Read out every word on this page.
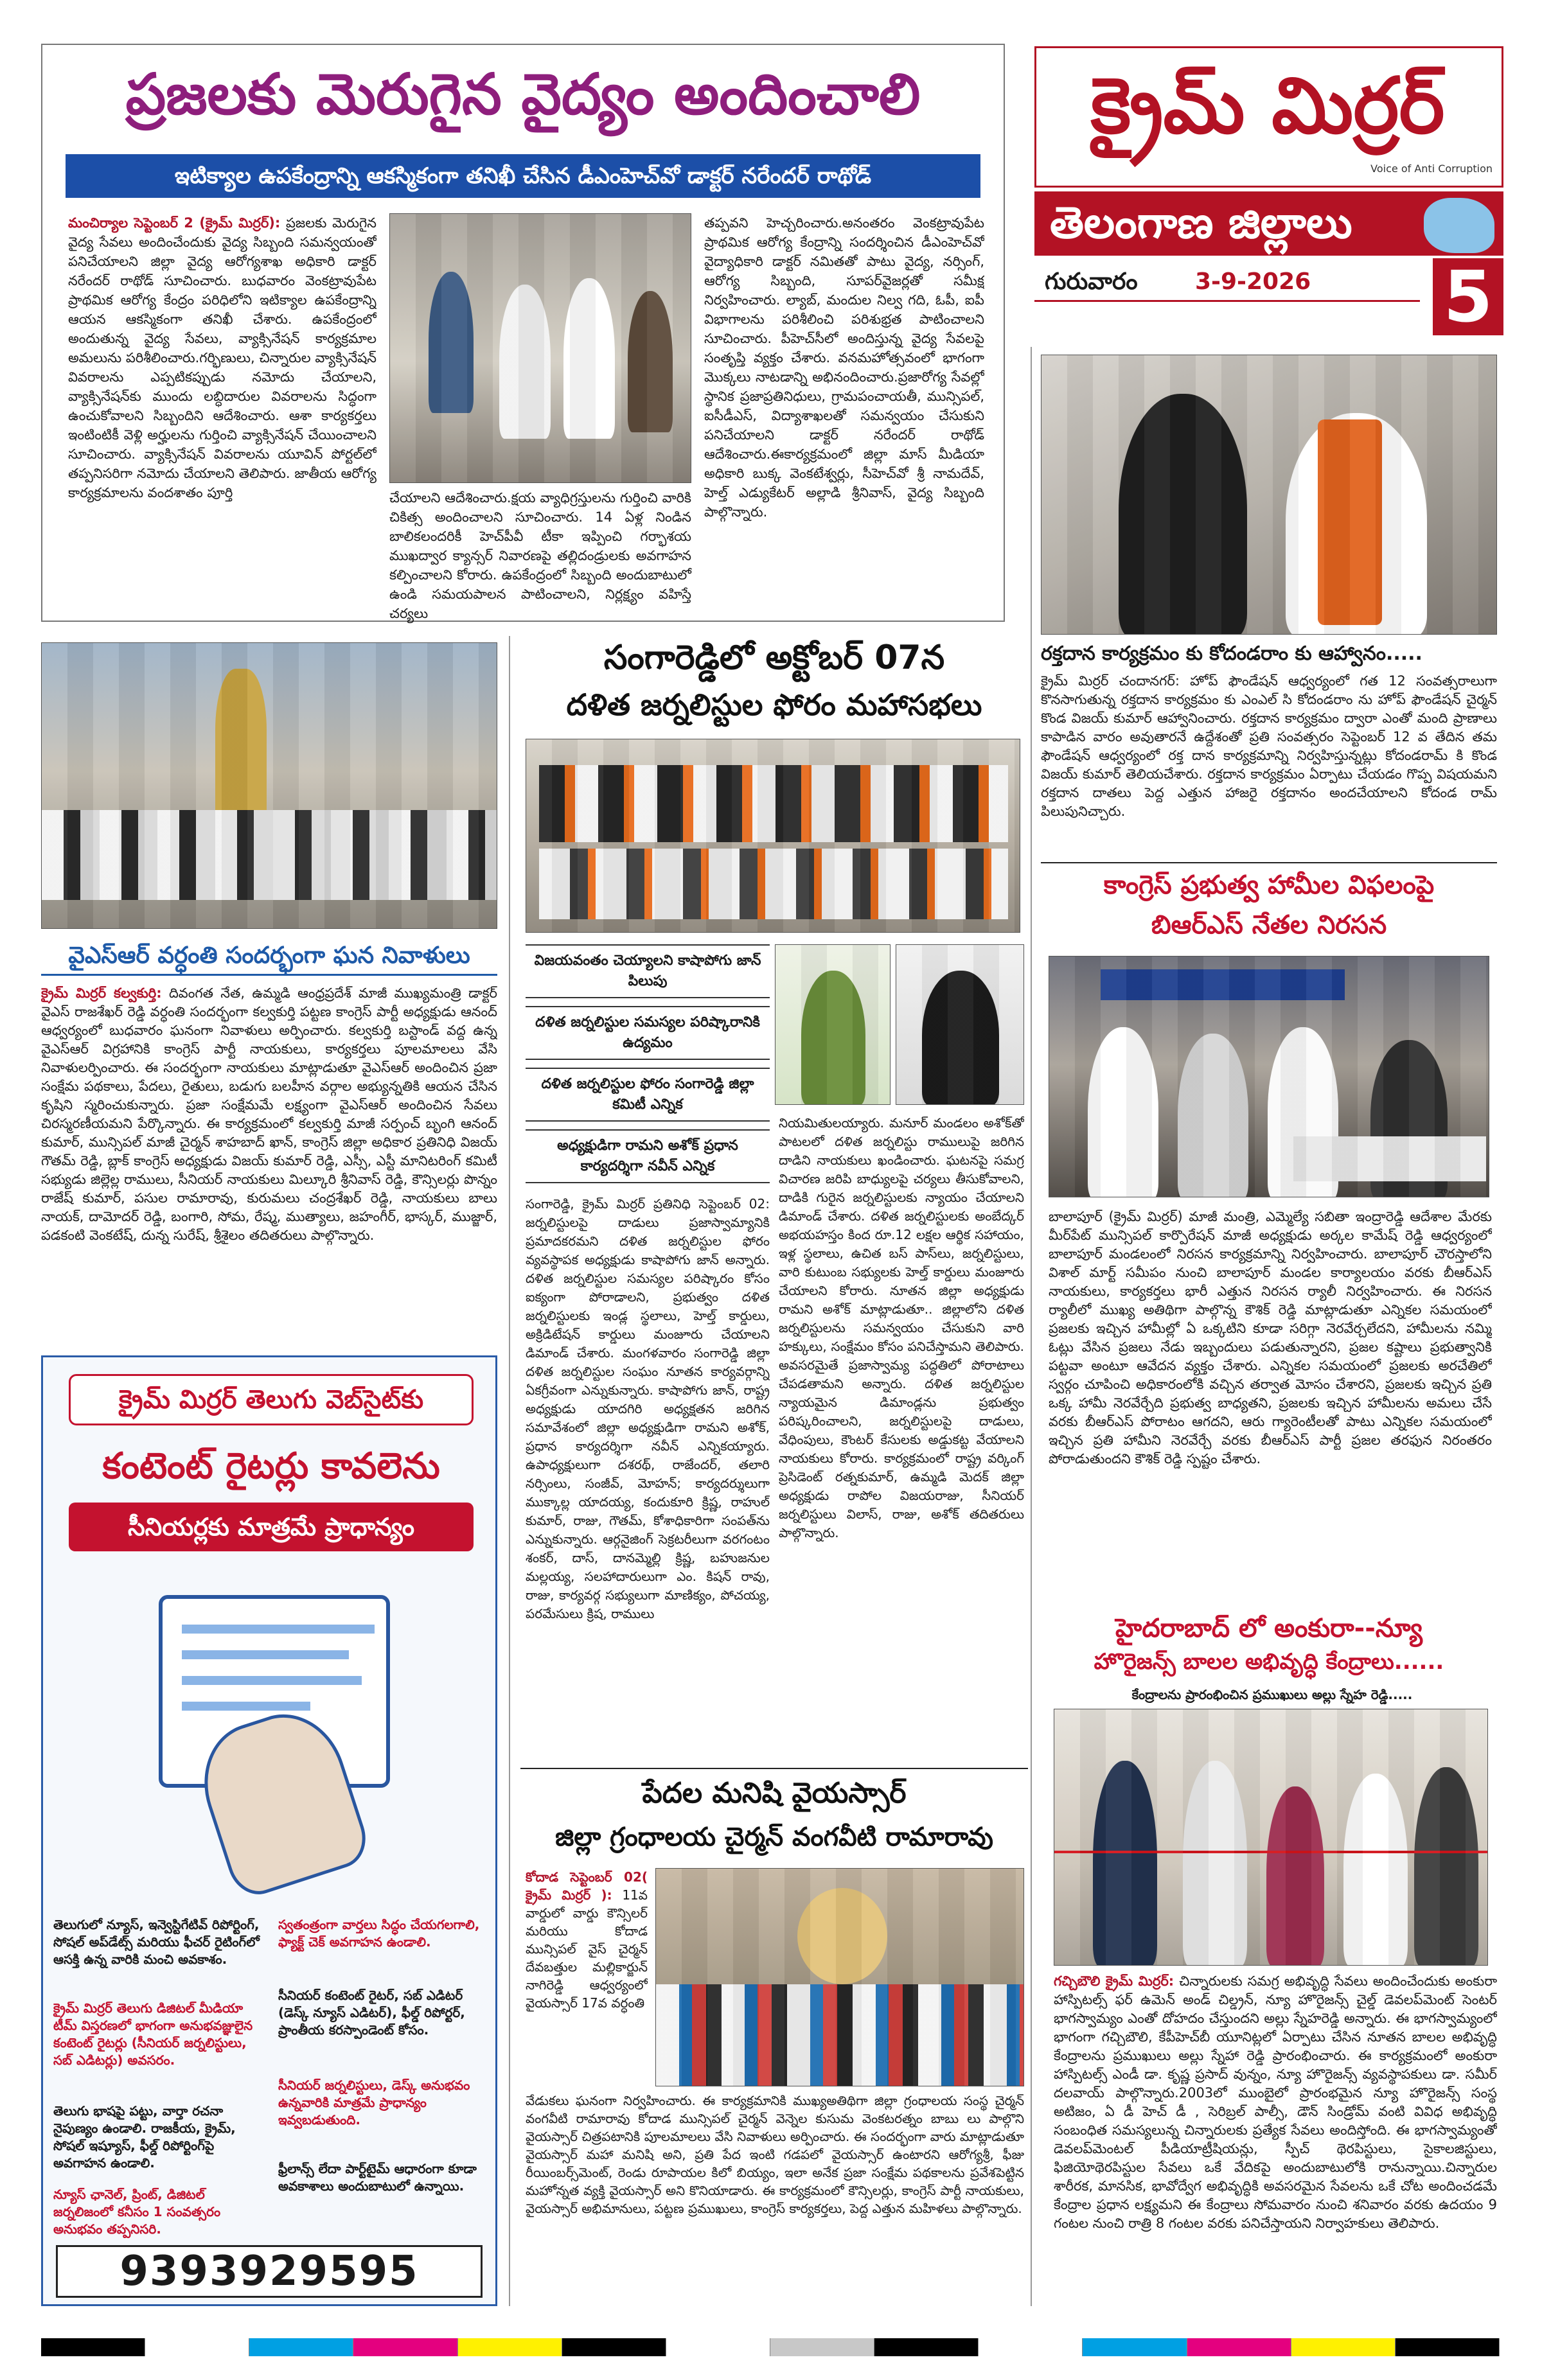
ప్రజలకు మెరుగైన వైద్యం అందించాలి
ఇటిక్యాల ఉపకేంద్రాన్ని ఆకస్మికంగా తనిఖీ చేసిన డీఎంహెచ్‌వో డాక్టర్ నరేందర్ రాథోడ్
మంచిర్యాల సెప్టెంబర్ 2 (క్రైమ్ మిర్రర్): ప్రజలకు మెరుగైన వైద్య సేవలు అందించేందుకు వైద్య సిబ్బంది సమన్వయంతో పనిచేయాలని జిల్లా వైద్య ఆరోగ్యశాఖ అధికారి డాక్టర్ నరేందర్ రాథోడ్ సూచించారు. బుధవారం వెంకట్రావుపేట ప్రాథమిక ఆరోగ్య కేంద్రం పరిధిలోని ఇటిక్యాల ఉపకేంద్రాన్ని ఆయన ఆకస్మికంగా తనిఖీ చేశారు. ఉపకేంద్రంలో అందుతున్న వైద్య సేవలు, వ్యాక్సినేషన్ కార్యక్రమాల అమలును పరిశీలించారు.గర్భిణులు, చిన్నారుల వ్యాక్సినేషన్ వివరాలను ఎప్పటికప్పుడు నమోదు చేయాలని, వ్యాక్సినేషన్‌కు ముందు లబ్ధిదారుల వివరాలను సిద్ధంగా ఉంచుకోవాలని సిబ్బందిని ఆదేశించారు. ఆశా కార్యకర్తలు ఇంటింటికీ వెళ్లి అర్హులను గుర్తించి వ్యాక్సినేషన్ చేయించాలని సూచించారు. వ్యాక్సినేషన్ వివరాలను యూవిన్ పోర్టల్‌లో తప్పనిసరిగా నమోదు చేయాలని తెలిపారు. జాతీయ ఆరోగ్య కార్యక్రమాలను వందశాతం పూర్తి	చేయాలని ఆదేశించారు.క్షయ వ్యాధిగ్రస్తులను గుర్తించి వారికి చికిత్స అందించాలని సూచించారు. 14 ఏళ్ల నిండిన బాలికలందరికీ హెచ్‌పీవీ టీకా ఇప్పించి గర్భాశయ ముఖద్వార క్యాన్సర్ నివారణపై తల్లిదండ్రులకు అవగాహన కల్పించాలని కోరారు. ఉపకేంద్రంలో సిబ్బంది అందుబాటులో ఉండి సమయపాలన పాటించాలని, నిర్లక్ష్యం వహిస్తే చర్యలు
తప్పవని హెచ్చరించారు.అనంతరం వెంకట్రావుపేట ప్రాథమిక ఆరోగ్య కేంద్రాన్ని సందర్శించిన డీఎంహెచ్‌వో వైద్యాధికారి డాక్టర్ నమితతో పాటు వైద్య, నర్సింగ్, ఆరోగ్య సిబ్బంది, సూపర్‌వైజర్లతో సమీక్ష నిర్వహించారు. ల్యాబ్, మందుల నిల్వ గది, ఓపీ, ఐపీ విభాగాలను పరిశీలించి పరిశుభ్రత పాటించాలని సూచించారు. పీహెచ్‌సీలో అందిస్తున్న వైద్య సేవలపై సంతృప్తి వ్యక్తం చేశారు. వనమహోత్సవంలో భాగంగా మొక్కలు నాటడాన్ని అభినందించారు.ప్రజారోగ్య సేవల్లో స్థానిక ప్రజాప్రతినిధులు, గ్రామపంచాయతీ, మున్సిపల్, ఐసీడీఎస్, విద్యాశాఖలతో సమన్వయం చేసుకుని పనిచేయాలని డాక్టర్ నరేందర్ రాథోడ్ ఆదేశించారు.ఈకార్యక్రమంలో జిల్లా మాస్ మీడియా అధికారి బుక్క వెంకటేశ్వర్లు, సీహెచ్‌వో శ్రీ నామదేవ్, హెల్త్ ఎడ్యుకేటర్ అల్లాడి శ్రీనివాస్, వైద్య సిబ్బంది పాల్గొన్నారు.
క్రైమ్ మిర్రర్
Voice of Anti Corruption
తెలంగాణ జిల్లాలు
గురువారం 3-9-2026 5
రక్తదాన కార్యక్రమం కు కోదండరాం కు ఆహ్వానం.....
క్రైమ్ మిర్రర్ చందానగర్: హోప్ ఫౌండేషన్ ఆధ్వర్యంలో గత 12 సంవత్సరాలుగా కొనసాగుతున్న రక్తదాన కార్యక్రమం కు ఎంఎల్ సి కోదండరాం ను హోప్ ఫౌండేషన్ చైర్మన్ కొండ విజయ్ కుమార్ ఆహ్వానించారు. రక్తదాన కార్యక్రమం ద్వారా ఎంతో మంది ప్రాణాలు కాపాడిన వారం అవుతారనే ఉద్దేశంతో ప్రతి సంవత్సరం సెప్టెంబర్ 12 వ తేదిన తమ ఫౌండేషన్ ఆధ్వర్యంలో రక్త దాన కార్యక్రమాన్ని నిర్వహిస్తున్నట్లు కోదండరామ్ కి కొండ విజయ్ కుమార్ తెలియచేశారు. రక్తదాన కార్యక్రమం ఏర్పాటు చేయడం గొప్ప విషయమని రక్తదాన దాతలు పెద్ద ఎత్తున హాజరై రక్తదానం అందచేయాలని కోదండ రామ్ పిలుపునిచ్చారు.
కాంగ్రెస్ ప్రభుత్వ హామీల విఫలంపై
బిఆర్ఎస్ నేతల నిరసన
బాలాపూర్ (క్రైమ్ మిర్రర్) మాజీ మంత్రి, ఎమ్మెల్యే సబితా ఇంద్రారెడ్డి ఆదేశాల మేరకు మీర్‌పేట్ మున్సిపల్ కార్పొరేషన్ మాజీ అధ్యక్షుడు అర్కల కామేష్ రెడ్డి ఆధ్వర్యంలో బాలాపూర్ మండలంలో నిరసన కార్యక్రమాన్ని నిర్వహించారు. బాలాపూర్ చౌరస్తాలోని విశాల్ మార్ట్ సమీపం నుంచి బాలాపూర్ మండల కార్యాలయం వరకు బీఆర్ఎస్ నాయకులు, కార్యకర్తలు భారీ ఎత్తున నిరసన ర్యాలీ నిర్వహించారు. ఈ నిరసన ర్యాలీలో ముఖ్య అతిథిగా పాల్గొన్న కౌశిక్ రెడ్డి మాట్లాడుతూ ఎన్నికల సమయంలో ప్రజలకు ఇచ్చిన హామీల్లో ఏ ఒక్కటిని కూడా సరిగ్గా నెరవేర్చలేదని, హామీలను నమ్మి ఓట్లు వేసిన ప్రజలు నేడు ఇబ్బందులు పడుతున్నారని, ప్రజల కష్టాలు ప్రభుత్వానికి పట్టవా అంటూ ఆవేదన వ్యక్తం చేశారు. ఎన్నికల సమయంలో ప్రజలకు అరచేతిలో స్వర్గం చూపించి అధికారంలోకి వచ్చిన తర్వాత మోసం చేశారని, ప్రజలకు ఇచ్చిన ప్రతి ఒక్క హామీ నెరవేర్చేది ప్రభుత్వ బాధ్యతని, ప్రజలకు ఇచ్చిన హామీలను అమలు చేసే వరకు బీఆర్ఎస్ పోరాటం ఆగదని, ఆరు గ్యారెంటీలతో పాటు ఎన్నికల సమయంలో ఇచ్చిన ప్రతి హామీని నెరవేర్చే వరకు బీఆర్ఎస్ పార్టీ ప్రజల తరఫున నిరంతరం పోరాడుతుందని కౌశిక్ రెడ్డి స్పష్టం చేశారు.
హైదరాబాద్ లో అంకురా--న్యూ
హొరైజన్స్ బాలల అభివృద్ధి కేంద్రాలు......
కేంద్రాలను ప్రారంభించిన ప్రముఖులు అల్లు స్నేహ రెడ్డి.....
గచ్చిబౌలి క్రైమ్ మిర్రర్: చిన్నారులకు సమగ్ర అభివృద్ధి సేవలు అందించేందుకు అంకురా హాస్పిటల్స్ ఫర్ ఉమెన్ అండ్ చిల్డ్రన్, న్యూ హొరైజన్స్ చైల్డ్ డెవలప్‌మెంట్ సెంటర్ భాగస్వామ్యం ఎంతో దోహదం చేస్తుందని అల్లు స్నేహరెడ్డి అన్నారు. ఈ భాగస్వామ్యంలో భాగంగా గచ్చిబౌలి, కేపీహెచ్‌బీ యూనిట్లలో ఏర్పాటు చేసిన నూతన బాలల అభివృద్ధి కేంద్రాలను ప్రముఖులు అల్లు స్నేహా రెడ్డి ప్రారంభించారు. ఈ కార్యక్రమంలో అంకురా హాస్పిటల్స్ ఎండీ డా. కృష్ణ ప్రసాద్ వున్నం, న్యూ హొరైజన్స్ వ్యవస్థాపకులు డా. సమీర్ దలవాయ్ పాల్గొన్నారు.2003లో ముంబైలో ప్రారంభమైన న్యూ హొరైజన్స్ సంస్థ అటిజం, ఏ డీ హెచ్ డీ , సెరిబ్రల్ పాల్సీ, డౌన్ సిండ్రోమ్ వంటి వివిధ అభివృద్ధి సంబంధిత సమస్యలున్న చిన్నారులకు ప్రత్యేక సేవలు అందిస్తోంది. ఈ భాగస్వామ్యంతో డెవలప్‌మెంటల్ పీడియాట్రీషియన్లు, స్పీచ్ థెరపిస్టులు, సైకాలజిస్టులు, ఫిజియోథెరపిస్టుల సేవలు ఒకే వేదికపై అందుబాటులోకి రానున్నాయి.చిన్నారుల శారీరక, మానసిక, భావోద్వేగ అభివృద్ధికి అవసరమైన సేవలను ఒకే చోట అందించడమే కేంద్రాల ప్రధాన లక్ష్యమని ఈ కేంద్రాలు సోమవారం నుంచి శనివారం వరకు ఉదయం 9 గంటల నుంచి రాత్రి 8 గంటల వరకు పనిచేస్తాయని నిర్వాహకులు తెలిపారు.
వైఎస్ఆర్ వర్ధంతి సందర్భంగా ఘన నివాళులు
క్రైమ్ మిర్రర్ కల్వకుర్తి: దివంగత నేత, ఉమ్మడి ఆంధ్రప్రదేశ్ మాజీ ముఖ్యమంత్రి డాక్టర్ వైఎస్ రాజశేఖర్ రెడ్డి వర్ధంతి సందర్భంగా కల్వకుర్తి పట్టణ కాంగ్రెస్ పార్టీ అధ్యక్షుడు ఆనంద్ ఆధ్వర్యంలో బుధవారం ఘనంగా నివాళులు అర్పించారు. కల్వకుర్తి బస్టాండ్ వద్ద ఉన్న వైఎస్ఆర్ విగ్రహానికి కాంగ్రెస్ పార్టీ నాయకులు, కార్యకర్తలు పూలమాలలు వేసి నివాళులర్పించారు. ఈ సందర్భంగా నాయకులు మాట్లాడుతూ వైఎస్ఆర్ అందించిన ప్రజా సంక్షేమ పథకాలు, పేదలు, రైతులు, బడుగు బలహీన వర్గాల అభ్యున్నతికి ఆయన చేసిన కృషిని స్మరించుకున్నారు. ప్రజా సంక్షేమమే లక్ష్యంగా వైఎస్ఆర్ అందించిన సేవలు చిరస్మరణీయమని పేర్కొన్నారు. ఈ కార్యక్రమంలో కల్వకుర్తి మాజీ సర్పంచ్ బృంగి ఆనంద్ కుమార్, మున్సిపల్ మాజీ చైర్మన్ శాహబాద్ ఖాన్, కాంగ్రెస్ జిల్లా అధికార ప్రతినిధి విజయ్ గౌతమ్ రెడ్డి, బ్లాక్ కాంగ్రెస్ అధ్యక్షుడు విజయ్ కుమార్ రెడ్డి, ఎస్సీ, ఎస్టీ మానిటరింగ్ కమిటీ సభ్యుడు జిల్లెల్ల రాములు, సీనియర్ నాయకులు మిల్కూరి శ్రీనివాస్ రెడ్డి, కౌన్సిలర్లు పొన్నం రాజేష్ కుమార్, పసుల రామారావు, కురుమలు చంద్రశేఖర్ రెడ్డి, నాయకులు బాలు నాయక్, దామోదర్ రెడ్డి, బంగారి, సోమ, రేష్మ, ముత్యాలు, జహంగీర్, భాస్కర్, ముజ్జార్, పడకంటి వెంకటేష్, దున్న సురేష్, శ్రీశైలం తదితరులు పాల్గొన్నారు.
క్రైమ్ మిర్రర్ తెలుగు వెబ్‌సైట్‌కు
కంటెంట్ రైటర్లు కావలెను
సీనియర్లకు మాత్రమే ప్రాధాన్యం
తెలుగులో న్యూస్, ఇన్వెస్టిగేటివ్ రిపోర్టింగ్, సోషల్ అప్‌డేట్స్ మరియు ఫీచర్ రైటింగ్‌లో ఆసక్తి ఉన్న వారికి మంచి అవకాశం.
క్రైమ్ మిర్రర్ తెలుగు డిజిటల్ మీడియా టీమ్ విస్తరణలో భాగంగా అనుభవజ్ఞులైన కంటెంట్ రైటర్లు (సీనియర్ జర్నలిస్టులు, సబ్ ఎడిటర్లు) అవసరం.
తెలుగు భాషపై పట్టు, వార్తా రచనా నైపుణ్యం ఉండాలి. రాజకీయ, క్రైమ్, సోషల్ ఇష్యూస్, ఫీల్డ్ రిపోర్టింగ్‌పై అవగాహన ఉండాలి.
న్యూస్ ఛానెల్, ప్రింట్, డిజిటల్ జర్నలిజంలో కనీసం 1 సంవత్సరం అనుభవం తప్పనిసరి.
స్వతంత్రంగా వార్తలు సిద్ధం చేయగలగాలి, ఫ్యాక్ట్ చెక్ అవగాహన ఉండాలి.
సీనియర్ కంటెంట్ రైటర్, సబ్ ఎడిటర్ (డెస్క్ న్యూస్ ఎడిటర్), ఫీల్డ్ రిపోర్టర్, ప్రాంతీయ కరస్పాండెంట్ కోసం.
సీనియర్ జర్నలిస్టులు, డెస్క్ అనుభవం ఉన్నవారికి మాత్రమే ప్రాధాన్యం ఇవ్వబడుతుంది.
ఫ్రీలాన్స్ లేదా పార్ట్‌టైమ్ ఆధారంగా కూడా అవకాశాలు అందుబాటులో ఉన్నాయి.
9393929595
సంగారెడ్డిలో అక్టోబర్ 07న
దళిత జర్నలిస్టుల ఫోరం మహాసభలు
విజయవంతం చెయ్యాలని కాషాపోగు జాన్ పిలుపు
దళిత జర్నలిస్టుల సమస్యల పరిష్కారానికి ఉద్యమం
దళిత జర్నలిస్టుల ఫోరం సంగారెడ్డి జిల్లా కమిటీ ఎన్నిక
అధ్యక్షుడిగా రామని అశోక్ ప్రధాన కార్యదర్శిగా నవీన్ ఎన్నిక
సంగారెడ్డి, క్రైమ్ మిర్రర్ ప్రతినిధి సెప్టెంబర్ 02: జర్నలిస్టులపై దాడులు ప్రజాస్వామ్యానికి ప్రమాదకరమని దళిత జర్నలిస్టుల ఫోరం వ్యవస్థాపక అధ్యక్షుడు కాషాపోగు జాన్ అన్నారు. దళిత జర్నలిస్టుల సమస్యల పరిష్కారం కోసం ఐక్యంగా పోరాడాలని, ప్రభుత్వం దళిత జర్నలిస్టులకు ఇండ్ల స్థలాలు, హెల్త్ కార్డులు, అక్రిడిటేషన్ కార్డులు మంజూరు చేయాలని డిమాండ్ చేశారు. మంగళవారం సంగారెడ్డి జిల్లా దళిత జర్నలిస్టుల సంఘం నూతన కార్యవర్గాన్ని ఏకగ్రీవంగా ఎన్నుకున్నారు. కాషాపోగు జాన్, రాష్ట్ర అధ్యక్షుడు యాదగిరి అధ్యక్షతన జరిగిన సమావేశంలో జిల్లా అధ్యక్షుడిగా రామని అశోక్, ప్రధాన కార్యదర్శిగా నవీన్ ఎన్నికయ్యారు. ఉపాధ్యక్షులుగా దశరథ్, రాజేందర్, తలారి నర్సింలు, సంజీవ్, మోహన్; కార్యదర్శులుగా ముక్కాల్ల యాదయ్య, కందుకూరి క్రిష్ణ, రాహుల్ కుమార్, రాజు, గౌతమ్, కోశాధికారిగా సంపత్‌ను ఎన్నుకున్నారు. ఆర్గనైజింగ్ సెక్రటరీలుగా వరగంటం శంకర్, దాస్, దానమ్మెల్లి క్రిష్ణ, బహుజనుల మల్లయ్య, సలహాదారులుగా ఎం. కిషన్ రావు, రాజు, కార్యవర్గ సభ్యులుగా మాణిక్యం, పోచయ్య, పరమేసులు క్రిష, రాములు
నియమితులయ్యారు. మనూర్ మండలం అశోక్‌తో పాటలలో దళిత జర్నలిస్టు రాములుపై జరిగిన దాడిని నాయకులు ఖండించారు. ఘటనపై సమగ్ర విచారణ జరిపి బాధ్యులపై చర్యలు తీసుకోవాలని, దాడికి గురైన జర్నలిస్టులకు న్యాయం చేయాలని డిమాండ్ చేశారు. దళిత జర్నలిస్టులకు అంబేద్కర్ అభయహస్తం కింద రూ.12 లక్షల ఆర్థిక సహాయం, ఇళ్ల స్థలాలు, ఉచిత బస్ పాస్‌లు, జర్నలిస్టులు, వారి కుటుంబ సభ్యులకు హెల్త్ కార్డులు మంజూరు చేయాలని కోరారు. నూతన జిల్లా అధ్యక్షుడు రామని అశోక్ మాట్లాడుతూ.. జిల్లాలోని దళిత జర్నలిస్టులను సమన్వయం చేసుకుని వారి హక్కులు, సంక్షేమం కోసం పనిచేస్తామని తెలిపారు. అవసరమైతే ప్రజాస్వామ్య పద్ధతిలో పోరాటాలు చేపడతామని అన్నారు. దళిత జర్నలిస్టుల న్యాయమైన డిమాండ్లను ప్రభుత్వం పరిష్కరించాలని, జర్నలిస్టులపై దాడులు, వేధింపులు, కౌంటర్ కేసులకు అడ్డుకట్ట వేయాలని నాయకులు కోరారు. కార్యక్రమంలో రాష్ట్ర వర్కింగ్ ప్రెసిడెంట్ రత్నకుమార్, ఉమ్మడి మెదక్ జిల్లా అధ్యక్షుడు రాపోల విజయరాజు, సీనియర్ జర్నలిస్టులు విలాస్, రాజు, అశోక్ తదితరులు పాల్గొన్నారు.
పేదల మనిషి వైయస్సార్
జిల్లా గ్రంధాలయ చైర్మన్ వంగవీటి రామారావు
కోదాడ సెప్టెంబర్ 02( క్రైమ్ మిర్రర్ ): 11వ వార్డులో వార్డు కౌన్సిలర్ మరియు కోదాడ మున్సిపల్ వైస్ చైర్మన్ దేవబత్తుల మల్లికార్జున్ నాగిరెడ్డి ఆధ్వర్యంలో వైయస్సార్ 17వ వర్ధంతి
వేడుకలు ఘనంగా నిర్వహించారు. ఈ కార్యక్రమానికి ముఖ్యఅతిథిగా జిల్లా గ్రంధాలయ సంస్థ చైర్మన్ వంగవీటి రామారావు కోదాడ మున్సిపల్ చైర్మన్ వెన్నెల కుసుమ వెంకటరత్నం బాబు లు పాల్గొని వైయస్సార్ చిత్రపటానికి పూలమాలలు వేసి నివాళులు అర్పించారు. ఈ సందర్భంగా వారు మాట్లాడుతూ వైయస్సార్ మహా మనిషి అని, ప్రతి పేద ఇంటి గడపలో వైయస్సార్ ఉంటారని ఆరోగ్యశ్రీ, ఫీజు రీయింబర్స్‌మెంట్, రెండు రూపాయల కిలో బియ్యం, ఇలా అనేక ప్రజా సంక్షేమ పథకాలను ప్రవేశపెట్టిన మహోన్నత వ్యక్తి వైయస్సార్ అని కొనియాడారు. ఈ కార్యక్రమంలో కౌన్సిలర్లు, కాంగ్రెస్ పార్టీ నాయకులు, వైయస్సార్ అభిమానులు, పట్టణ ప్రముఖులు, కాంగ్రెస్ కార్యకర్తలు, పెద్ద ఎత్తున మహిళలు పాల్గొన్నారు.
